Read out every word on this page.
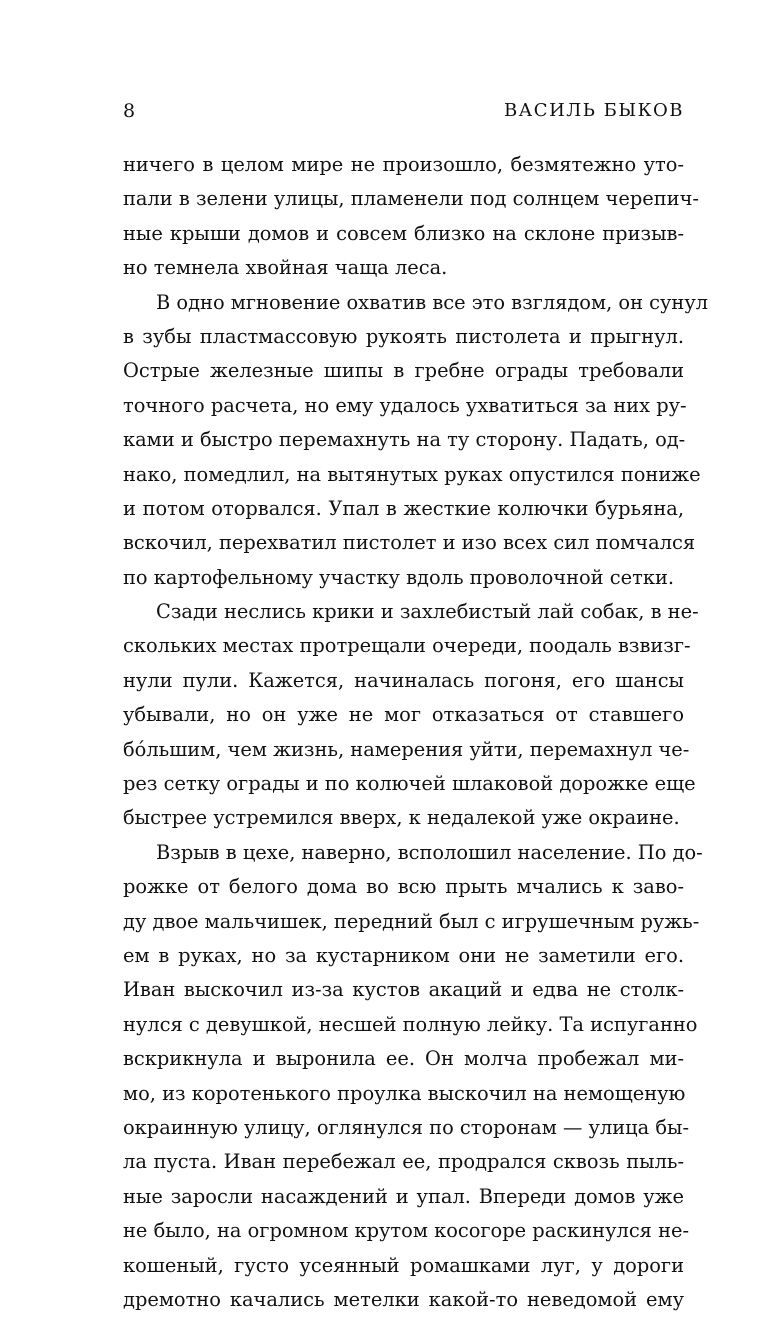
8	ВАСИЛЬ БЫКОВ
ничего в целом мире не произошло, безмятежно уто-
пали в зелени улицы, пламенели под солнцем черепич-
ные крыши домов и совсем близко на склоне призыв-
но темнела хвойная чаща леса.
В одно мгновение охватив все это взглядом, он сунул
в зубы пластмассовую рукоять пистолета и прыгнул.
Острые железные шипы в гребне ограды требовали
точного расчета, но ему удалось ухватиться за них ру-
ками и быстро перемахнуть на ту сторону. Падать, од-
нако, помедлил, на вытянутых руках опустился пониже
и потом оторвался. Упал в жесткие колючки бурьяна,
вскочил, перехватил пистолет и изо всех сил помчался
по картофельному участку вдоль проволочной сетки.
Сзади неслись крики и захлебистый лай собак, в не-
скольких местах протрещали очереди, поодаль взвизг-
нули пули. Кажется, начиналась погоня, его шансы
убывали, но он уже не мог отказаться от ставшего
бóльшим, чем жизнь, намерения уйти, перемахнул че-
рез сетку ограды и по колючей шлаковой дорожке еще
быстрее устремился вверх, к недалекой уже окраине.
Взрыв в цехе, наверно, всполошил население. По до-
рожке от белого дома во всю прыть мчались к заво-
ду двое мальчишек, передний был с игрушечным ружь-
ем в руках, но за кустарником они не заметили его.
Иван выскочил из-за кустов акаций и едва не столк-
нулся с девушкой, несшей полную лейку. Та испуганно
вскрикнула и выронила ее. Он молча пробежал ми-
мо, из коротенького проулка выскочил на немощеную
окраинную улицу, оглянулся по сторонам — улица бы-
ла пуста. Иван перебежал ее, продрался сквозь пыль-
ные заросли насаждений и упал. Впереди домов уже
не было, на огромном крутом косогоре раскинулся не-
кошеный, густо усеянный ромашками луг, у дороги
дремотно качались метелки какой-то неведомой ему
